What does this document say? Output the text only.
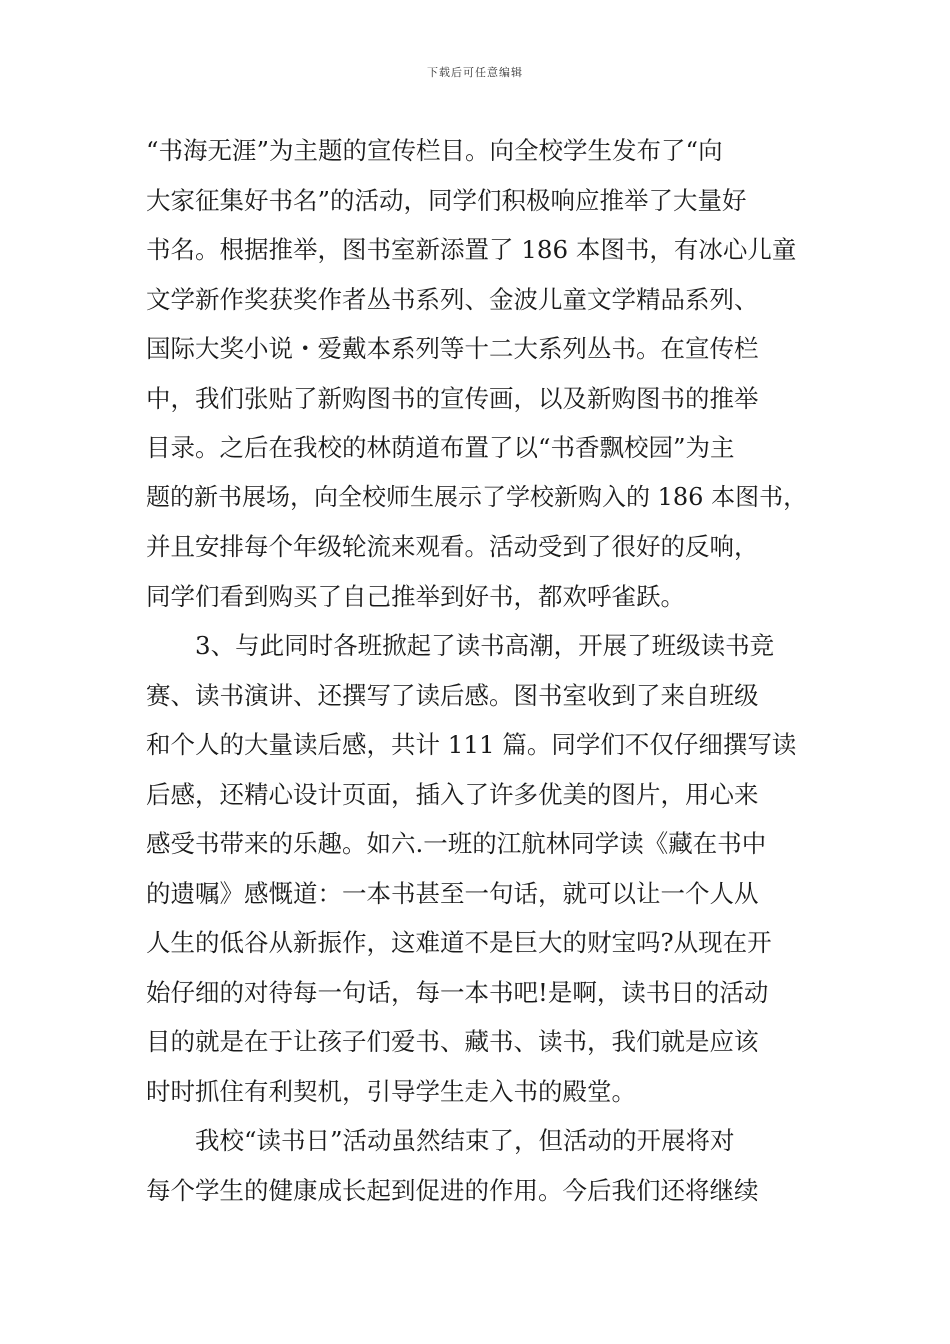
下载后可任意编辑
“书海无涯”为主题的宣传栏目。向全校学生发布了“向
大家征集好书名”的活动，同学们积极响应推举了大量好
书名。根据推举，图书室新添置了 186 本图书，有冰心儿童
文学新作奖获奖作者丛书系列、金波儿童文学精品系列、
国际大奖小说・爱戴本系列等十二大系列丛书。在宣传栏
中，我们张贴了新购图书的宣传画，以及新购图书的推举
目录。之后在我校的林荫道布置了以“书香飘校园”为主
题的新书展场，向全校师生展示了学校新购入的 186 本图书，
并且安排每个年级轮流来观看。活动受到了很好的反响，
同学们看到购买了自己推举到好书，都欢呼雀跃。
3、与此同时各班掀起了读书高潮，开展了班级读书竞
赛、读书演讲、还撰写了读后感。图书室收到了来自班级
和个人的大量读后感，共计 111 篇。同学们不仅仔细撰写读
后感，还精心设计页面，插入了许多优美的图片，用心来
感受书带来的乐趣。如六.一班的江航林同学读《藏在书中
的遗嘱》感慨道：一本书甚至一句话，就可以让一个人从
人生的低谷从新振作，这难道不是巨大的财宝吗?从现在开
始仔细的对待每一句话，每一本书吧!是啊，读书日的活动
目的就是在于让孩子们爱书、藏书、读书，我们就是应该
时时抓住有利契机，引导学生走入书的殿堂。
我校“读书日”活动虽然结束了，但活动的开展将对
每个学生的健康成长起到促进的作用。今后我们还将继续
